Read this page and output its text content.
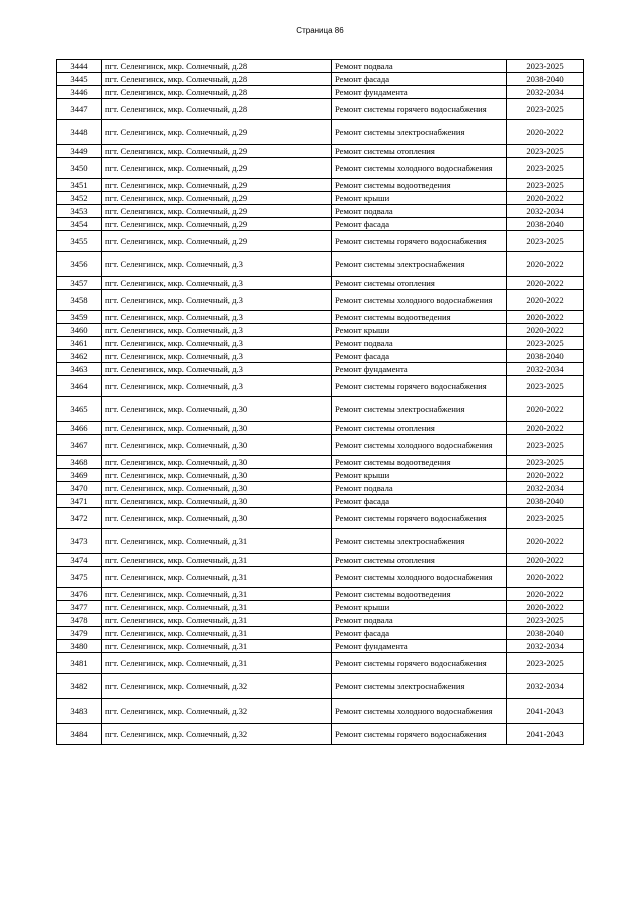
Страница 86
3444	пгт. Селенгинск, мкр. Солнечный, д.28	Ремонт подвала	2023-2025
3445	пгт. Селенгинск, мкр. Солнечный, д.28	Ремонт фасада	2038-2040
3446	пгт. Селенгинск, мкр. Солнечный, д.28	Ремонт фундамента	2032-2034
3447	пгт. Селенгинск, мкр. Солнечный, д.28	Ремонт системы горячего водоснабжения	2023-2025
3448	пгт. Селенгинск, мкр. Солнечный, д.29	Ремонт системы электроснабжения	2020-2022
3449	пгт. Селенгинск, мкр. Солнечный, д.29	Ремонт системы отопления	2023-2025
3450	пгт. Селенгинск, мкр. Солнечный, д.29	Ремонт системы холодного водоснабжения	2023-2025
3451	пгт. Селенгинск, мкр. Солнечный, д.29	Ремонт системы водоотведения	2023-2025
3452	пгт. Селенгинск, мкр. Солнечный, д.29	Ремонт крыши	2020-2022
3453	пгт. Селенгинск, мкр. Солнечный, д.29	Ремонт подвала	2032-2034
3454	пгт. Селенгинск, мкр. Солнечный, д.29	Ремонт фасада	2038-2040
3455	пгт. Селенгинск, мкр. Солнечный, д.29	Ремонт системы горячего водоснабжения	2023-2025
3456	пгт. Селенгинск, мкр. Солнечный, д.3	Ремонт системы электроснабжения	2020-2022
3457	пгт. Селенгинск, мкр. Солнечный, д.3	Ремонт системы отопления	2020-2022
3458	пгт. Селенгинск, мкр. Солнечный, д.3	Ремонт системы холодного водоснабжения	2020-2022
3459	пгт. Селенгинск, мкр. Солнечный, д.3	Ремонт системы водоотведения	2020-2022
3460	пгт. Селенгинск, мкр. Солнечный, д.3	Ремонт крыши	2020-2022
3461	пгт. Селенгинск, мкр. Солнечный, д.3	Ремонт подвала	2023-2025
3462	пгт. Селенгинск, мкр. Солнечный, д.3	Ремонт фасада	2038-2040
3463	пгт. Селенгинск, мкр. Солнечный, д.3	Ремонт фундамента	2032-2034
3464	пгт. Селенгинск, мкр. Солнечный, д.3	Ремонт системы горячего водоснабжения	2023-2025
3465	пгт. Селенгинск, мкр. Солнечный, д.30	Ремонт системы электроснабжения	2020-2022
3466	пгт. Селенгинск, мкр. Солнечный, д.30	Ремонт системы отопления	2020-2022
3467	пгт. Селенгинск, мкр. Солнечный, д.30	Ремонт системы холодного водоснабжения	2023-2025
3468	пгт. Селенгинск, мкр. Солнечный, д.30	Ремонт системы водоотведения	2023-2025
3469	пгт. Селенгинск, мкр. Солнечный, д.30	Ремонт крыши	2020-2022
3470	пгт. Селенгинск, мкр. Солнечный, д.30	Ремонт подвала	2032-2034
3471	пгт. Селенгинск, мкр. Солнечный, д.30	Ремонт фасада	2038-2040
3472	пгт. Селенгинск, мкр. Солнечный, д.30	Ремонт системы горячего водоснабжения	2023-2025
3473	пгт. Селенгинск, мкр. Солнечный, д.31	Ремонт системы электроснабжения	2020-2022
3474	пгт. Селенгинск, мкр. Солнечный, д.31	Ремонт системы отопления	2020-2022
3475	пгт. Селенгинск, мкр. Солнечный, д.31	Ремонт системы холодного водоснабжения	2020-2022
3476	пгт. Селенгинск, мкр. Солнечный, д.31	Ремонт системы водоотведения	2020-2022
3477	пгт. Селенгинск, мкр. Солнечный, д.31	Ремонт крыши	2020-2022
3478	пгт. Селенгинск, мкр. Солнечный, д.31	Ремонт подвала	2023-2025
3479	пгт. Селенгинск, мкр. Солнечный, д.31	Ремонт фасада	2038-2040
3480	пгт. Селенгинск, мкр. Солнечный, д.31	Ремонт фундамента	2032-2034
3481	пгт. Селенгинск, мкр. Солнечный, д.31	Ремонт системы горячего водоснабжения	2023-2025
3482	пгт. Селенгинск, мкр. Солнечный, д.32	Ремонт системы электроснабжения	2032-2034
3483	пгт. Селенгинск, мкр. Солнечный, д.32	Ремонт системы холодного водоснабжения	2041-2043
3484	пгт. Селенгинск, мкр. Солнечный, д.32	Ремонт системы горячего водоснабжения	2041-2043
